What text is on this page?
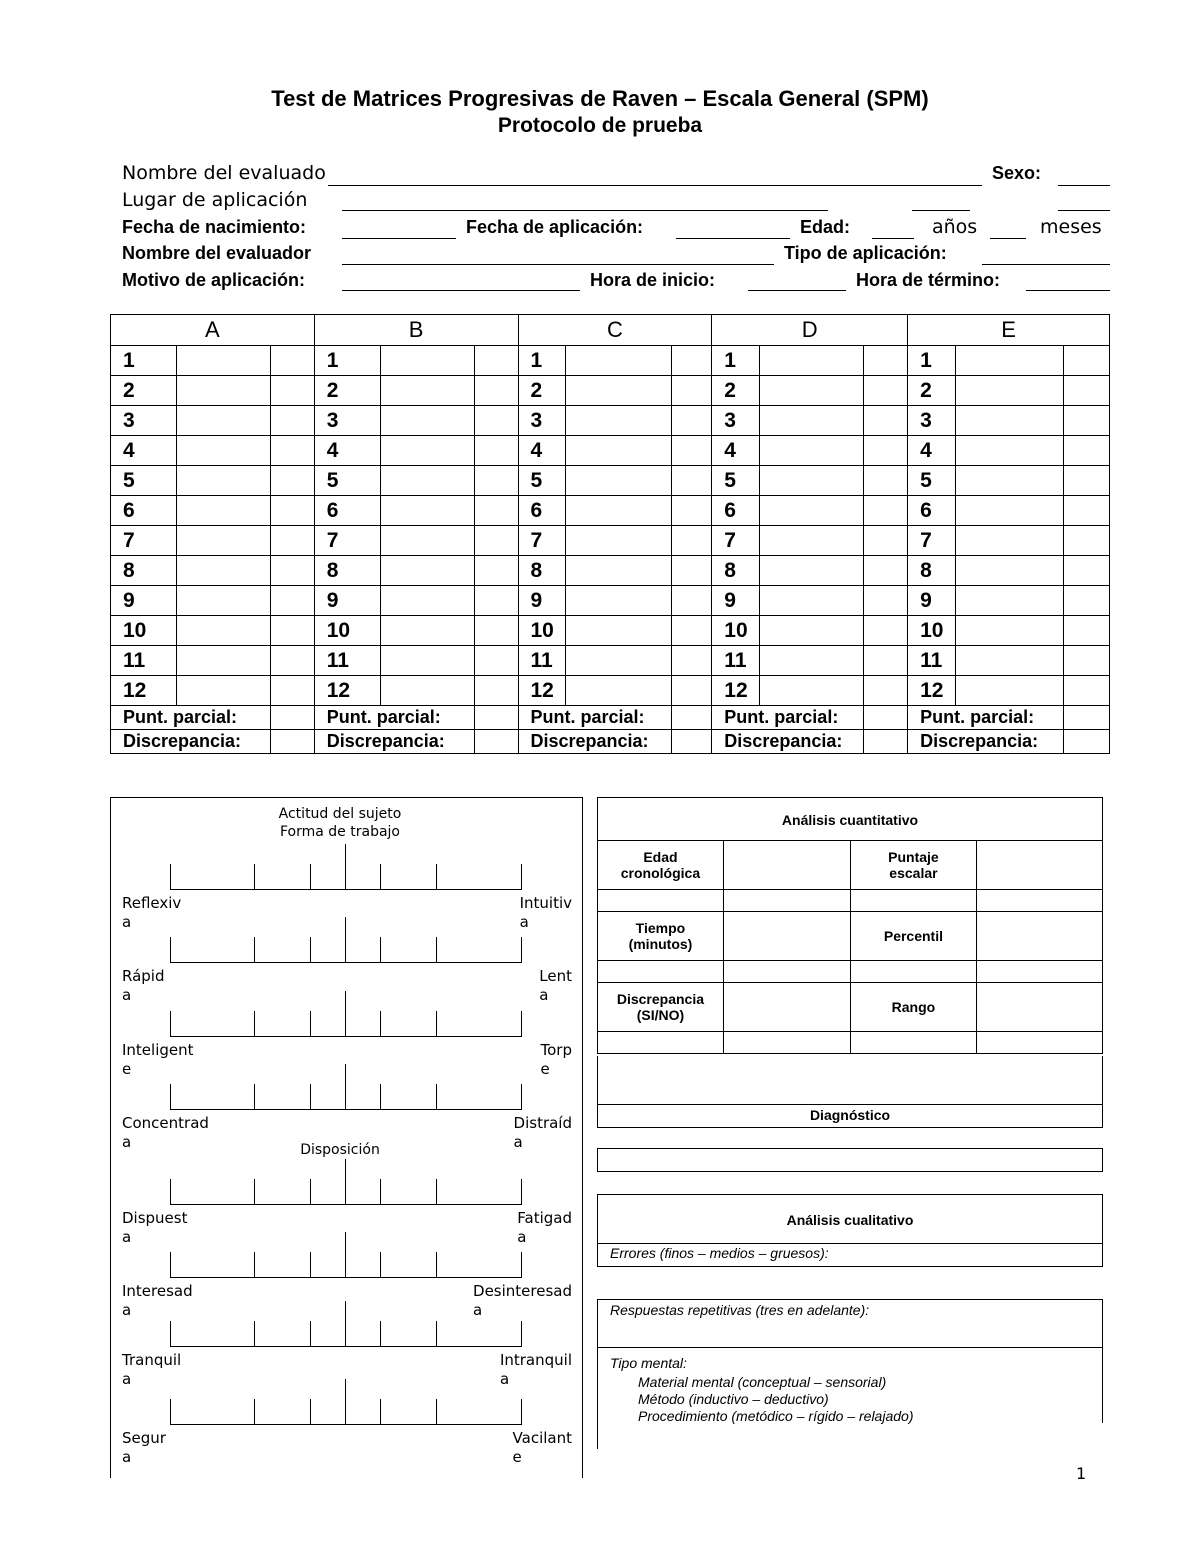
Test de Matrices Progresivas de Raven – Escala General (SPM)
Protocolo de prueba
Nombre del evaluado	Sexo:
Lugar de aplicación
Fecha de nacimiento:	Fecha de aplicación:	Edad:	años	meses
Nombre del evaluador	Tipo de aplicación:
Motivo de aplicación:	Hora de inicio:	Hora de término:
A			B			C			D			E		
1			1			1			1			1		
2			2			2			2			2		
3			3			3			3			3		
4			4			4			4			4		
5			5			5			5			5		
6			6			6			6			6		
7			7			7			7			7		
8			8			8			8			8		
9			9			9			9			9		
10			10			10			10			10		
11			11			11			11			11		
12			12			12			12			12		
Punt. parcial:			Punt. parcial:			Punt. parcial:			Punt. parcial:			Punt. parcial:		
Discrepancia:			Discrepancia:			Discrepancia:			Discrepancia:			Discrepancia:		
Actitud del sujeto
Forma de trabajo
Disposición
Reflexiv
a
Intuitiv
a
Rápid
a
Lent
a
Inteligent
e
Torp
e
Concentrad
a
Distraíd
a
Dispuest
a
Fatigad
a
Interesad
a
Desinteresad
a
Tranquil
a
Intranquil
a
Segur
a
Vacilant
e
Análisis cuantitativo
Edad
cronológica		Puntaje
escalar	

Tiempo
(minutos)		Percentil	

Discrepancia
(SI/NO)		Rango	

Diagnóstico
Análisis cualitativo
Errores (finos – medios – gruesos):
Respuestas repetitivas (tres en adelante):
Tipo mental:
Material mental (conceptual – sensorial)
Método (inductivo – deductivo)
Procedimiento (metódico – rígido – relajado)
1
